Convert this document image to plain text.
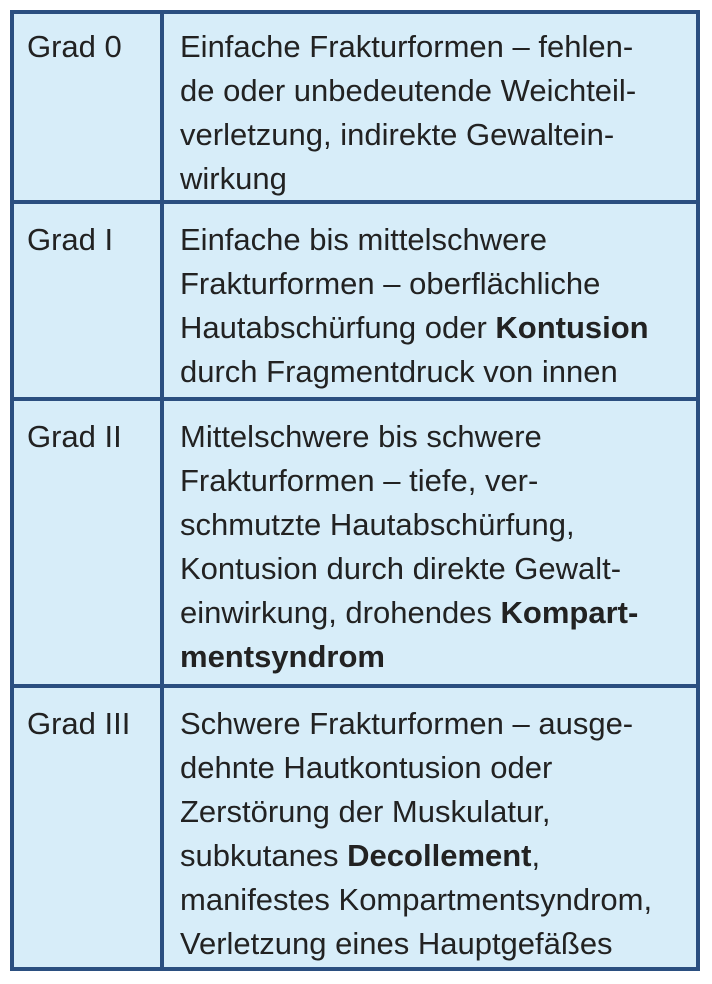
Grad 0 Einfache Frakturformen – fehlen-
de oder unbedeutende Weichteil-
verletzung, indirekte Gewaltein-
wirkung
Grad I Einfache bis mittelschwere
Frakturformen – oberflächliche
Hautabschürfung oder Kontusion
durch Fragmentdruck von innen
Grad II Mittelschwere bis schwere
Frakturformen – tiefe, ver-
schmutzte Hautabschürfung,
Kontusion durch direkte Gewalt-
einwirkung, drohendes Kompart-
mentsyndrom
Grad III Schwere Frakturformen – ausge-
dehnte Hautkontusion oder
Zerstörung der Muskulatur,
subkutanes Decollement,
manifestes Kompartmentsyndrom,
Verletzung eines Hauptgefäßes
